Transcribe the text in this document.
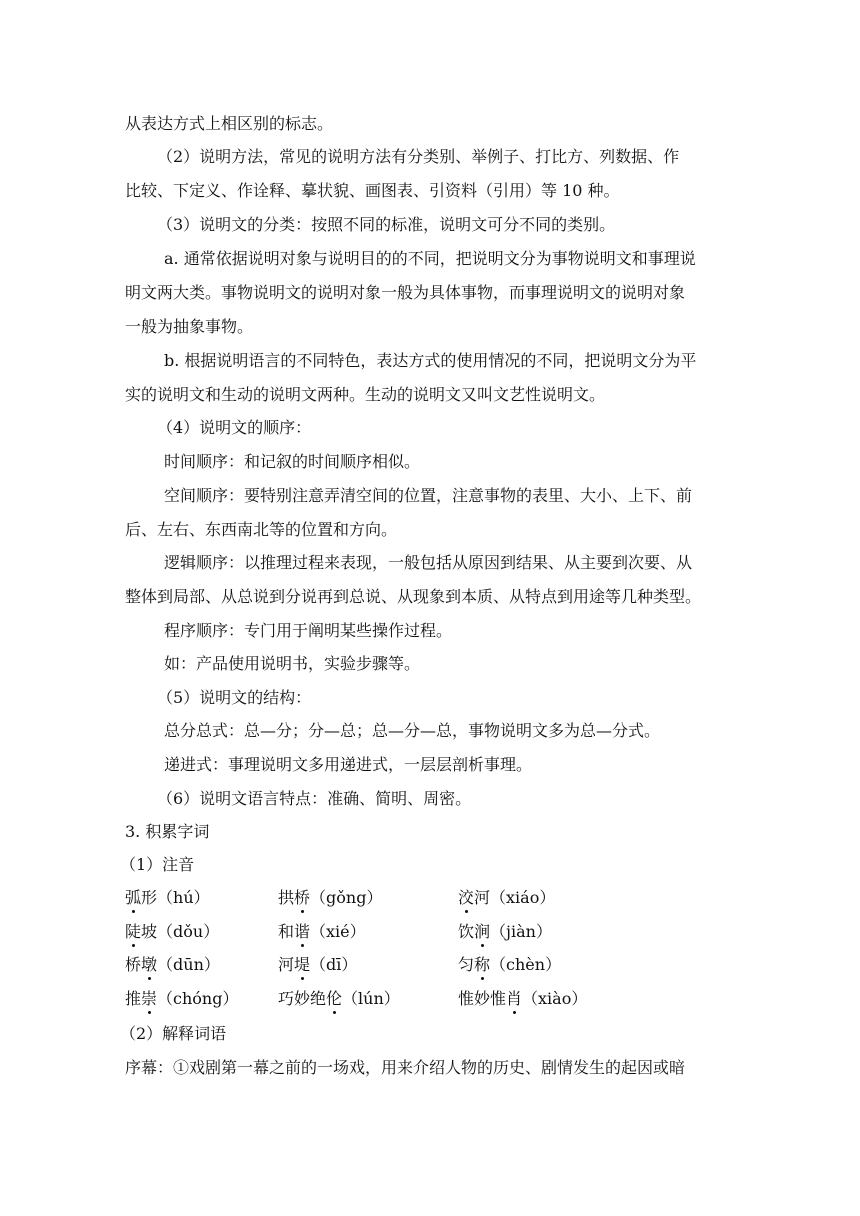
从表达方式上相区别的标志。
（2）说明方法，常见的说明方法有分类别、举例子、打比方、列数据、作
比较、下定义、作诠释、摹状貌、画图表、引资料（引用）等 10 种。
（3）说明文的分类：按照不同的标准，说明文可分不同的类别。
a. 通常依据说明对象与说明目的的不同，把说明文分为事物说明文和事理说
明文两大类。事物说明文的说明对象一般为具体事物，而事理说明文的说明对象
一般为抽象事物。
b. 根据说明语言的不同特色，表达方式的使用情况的不同，把说明文分为平
实的说明文和生动的说明文两种。生动的说明文又叫文艺性说明文。
（4）说明文的顺序：
时间顺序：和记叙的时间顺序相似。
空间顺序：要特别注意弄清空间的位置，注意事物的表里、大小、上下、前
后、左右、东西南北等的位置和方向。
逻辑顺序：以推理过程来表现，一般包括从原因到结果、从主要到次要、从
整体到局部、从总说到分说再到总说、从现象到本质、从特点到用途等几种类型。
程序顺序：专门用于阐明某些操作过程。
如：产品使用说明书，实验步骤等。
（5）说明文的结构：
总分总式：总—分；分—总；总—分—总，事物说明文多为总—分式。
递进式：事理说明文多用递进式，一层层剖析事理。
（6）说明文语言特点：准确、简明、周密。
3. 积累字词
（1）注音
弧形（hú）	拱桥（gǒng）	洨河（xiáo）
陡坡（dǒu）	和谐（xié）	饮涧（jiàn）
桥墩（dūn）	河堤（dī）	匀称（chèn）
推崇（chóng） 巧妙绝伦（lún）	惟妙惟肖（xiào）
（2）解释词语
序幕：①戏剧第一幕之前的一场戏，用来介绍人物的历史、剧情发生的起因或暗
